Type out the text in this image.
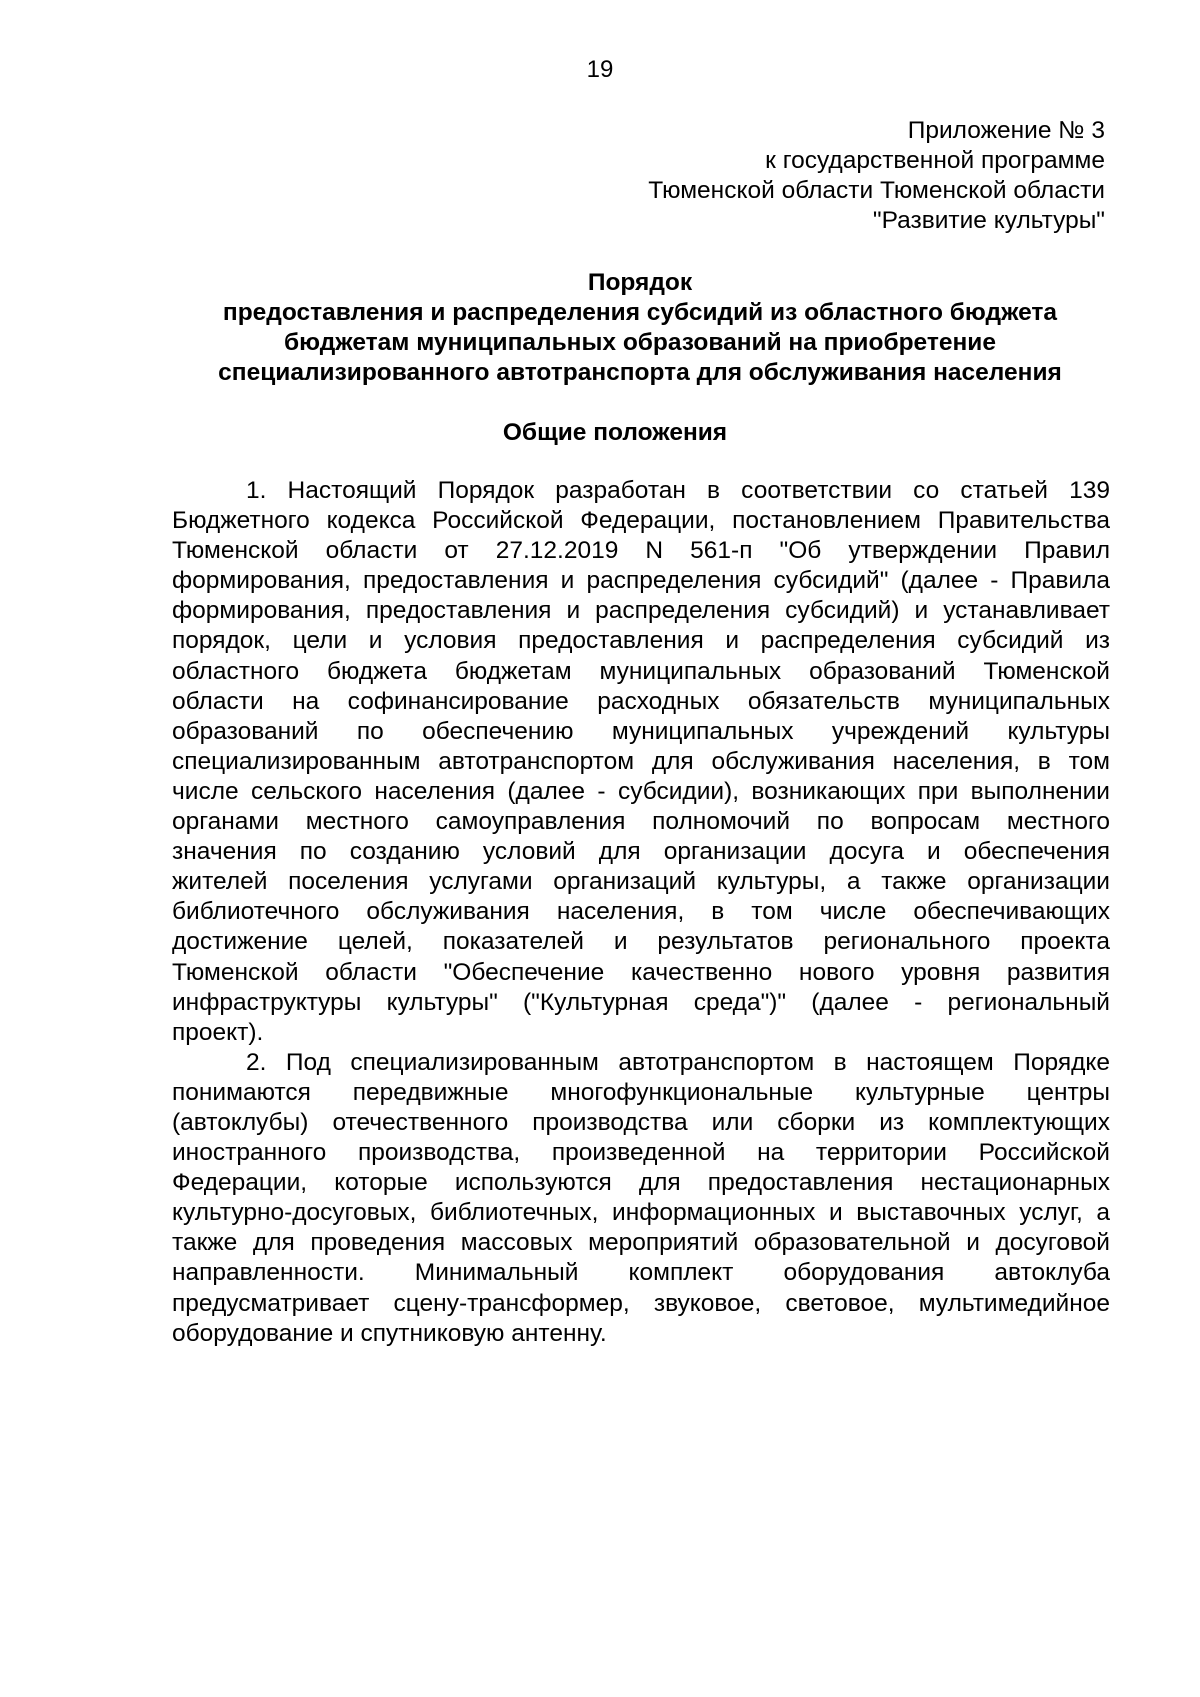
19
Приложение № 3
к государственной программе
Тюменской области Тюменской области
"Развитие культуры"
Порядок
предоставления и распределения субсидий из областного бюджета
бюджетам муниципальных образований на приобретение
специализированного автотранспорта для обслуживания населения
Общие положения
1. Настоящий Порядок разработан в соответствии со статьей 139
Бюджетного кодекса Российской Федерации, постановлением Правительства
Тюменской области от 27.12.2019 N 561-п "Об утверждении Правил
формирования, предоставления и распределения субсидий" (далее - Правила
формирования, предоставления и распределения субсидий) и устанавливает
порядок, цели и условия предоставления и распределения субсидий из
областного бюджета бюджетам муниципальных образований Тюменской
области на софинансирование расходных обязательств муниципальных
образований по обеспечению муниципальных учреждений культуры
специализированным автотранспортом для обслуживания населения, в том
числе сельского населения (далее - субсидии), возникающих при выполнении
органами местного самоуправления полномочий по вопросам местного
значения по созданию условий для организации досуга и обеспечения
жителей поселения услугами организаций культуры, а также организации
библиотечного обслуживания населения, в том числе обеспечивающих
достижение целей, показателей и результатов регионального проекта
Тюменской области "Обеспечение качественно нового уровня развития
инфраструктуры культуры" ("Культурная среда")" (далее - региональный
проект).
2. Под специализированным автотранспортом в настоящем Порядке
понимаются передвижные многофункциональные культурные центры
(автоклубы) отечественного производства или сборки из комплектующих
иностранного производства, произведенной на территории Российской
Федерации, которые используются для предоставления нестационарных
культурно-досуговых, библиотечных, информационных и выставочных услуг, а
также для проведения массовых мероприятий образовательной и досуговой
направленности. Минимальный комплект оборудования автоклуба
предусматривает сцену-трансформер, звуковое, световое, мультимедийное
оборудование и спутниковую антенну.
